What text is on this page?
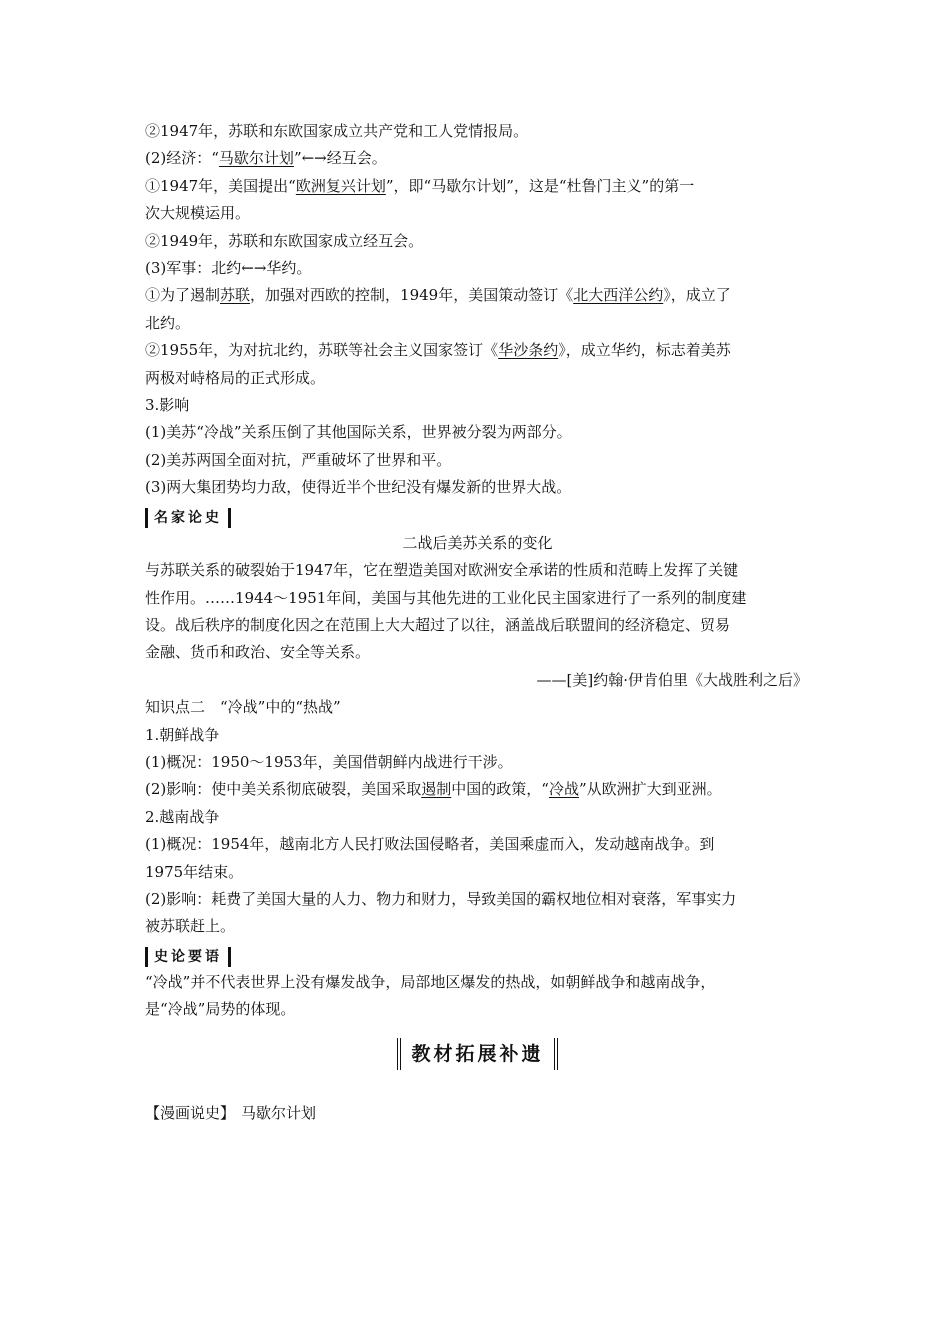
②1947年，苏联和东欧国家成立共产党和工人党情报局。

(2)经济：“马歇尔计划”←→经互会。

①1947年，美国提出“欧洲复兴计划”，即“马歇尔计划”，这是“杜鲁门主义”的第一

次大规模运用。

②1949年，苏联和东欧国家成立经互会。

(3)军事：北约←→华约。

①为了遏制苏联，加强对西欧的控制，1949年，美国策动签订《北大西洋公约》，成立了

北约。

②1955年，为对抗北约，苏联等社会主义国家签订《华沙条约》，成立华约，标志着美苏

两极对峙格局的正式形成。

3.影响

(1)美苏“冷战”关系压倒了其他国际关系，世界被分裂为两部分。

(2)美苏两国全面对抗，严重破坏了世界和平。

(3)两大集团势均力敌，使得近半个世纪没有爆发新的世界大战。

名家论史

二战后美苏关系的变化

与苏联关系的破裂始于1947年，它在塑造美国对欧洲安全承诺的性质和范畴上发挥了关键

性作用。……1944～1951年间，美国与其他先进的工业化民主国家进行了一系列的制度建

设。战后秩序的制度化因之在范围上大大超过了以往，涵盖战后联盟间的经济稳定、贸易

金融、货币和政治、安全等关系。

——[美]约翰·伊肯伯里《大战胜利之后》

知识点二　“冷战”中的“热战”

1.朝鲜战争

(1)概况：1950～1953年，美国借朝鲜内战进行干涉。

(2)影响：使中美关系彻底破裂，美国采取遏制中国的政策，“冷战”从欧洲扩大到亚洲。

2.越南战争

(1)概况：1954年，越南北方人民打败法国侵略者，美国乘虚而入，发动越南战争。到

1975年结束。

(2)影响：耗费了美国大量的人力、物力和财力，导致美国的霸权地位相对衰落，军事实力

被苏联赶上。

史论要语

“冷战”并不代表世界上没有爆发战争，局部地区爆发的热战，如朝鲜战争和越南战争，

是“冷战”局势的体现。

教材拓展补遗

【漫画说史】 马歇尔计划
